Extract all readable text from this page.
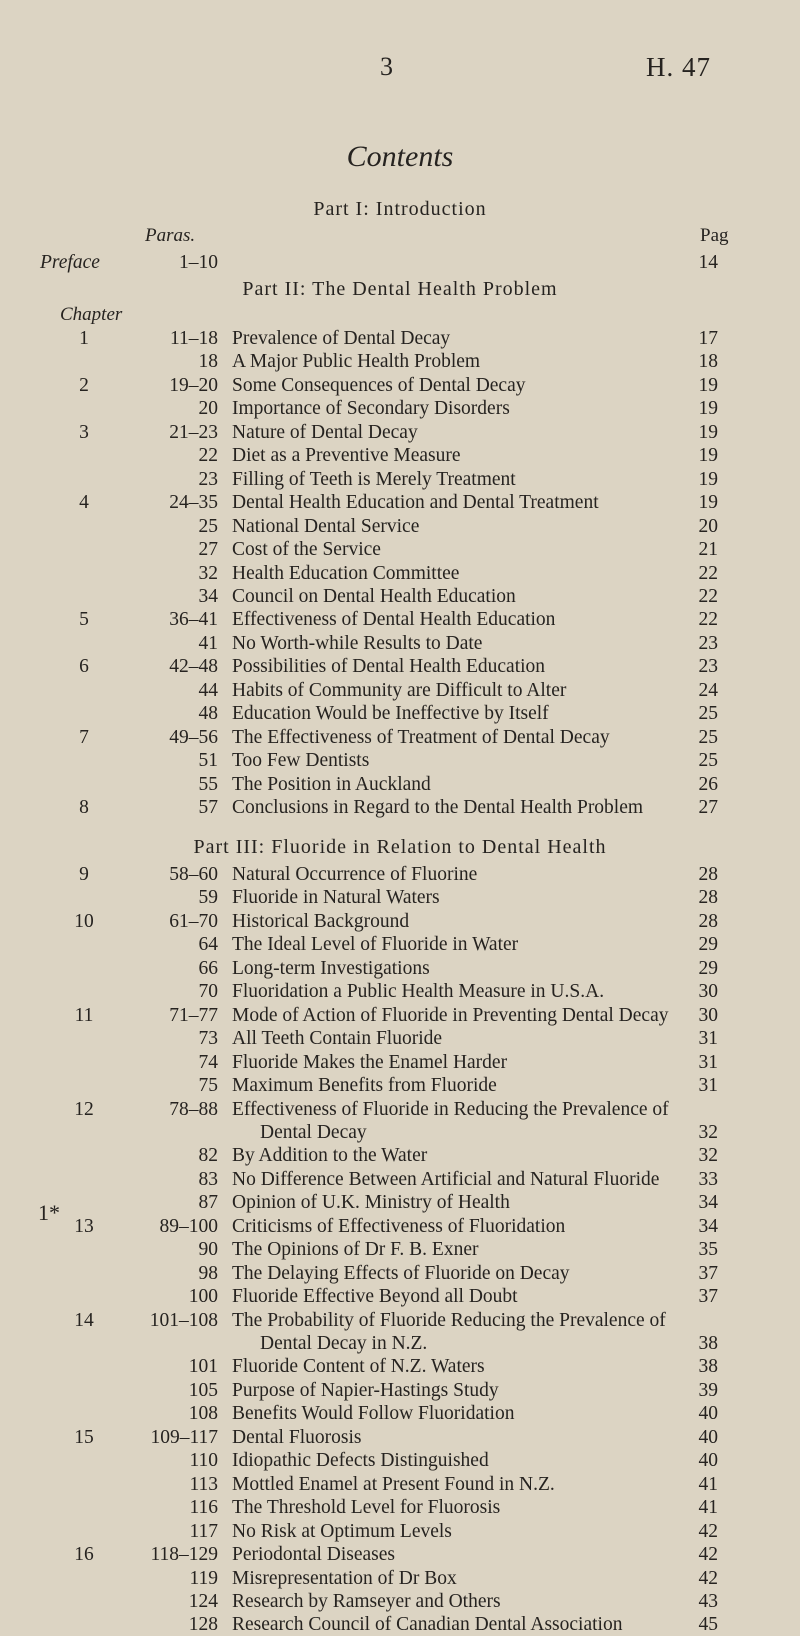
3	H. 47
Contents
Part I: Introduction
Paras.	Pag
Preface	1–10	14
Part II: The Dental Health Problem
Chapter
Part III: Fluoride in Relation to Dental Health
1*
1	11–18 Prevalence of Dental Decay	17
18 A Major Public Health Problem	18
2	19–20 Some Consequences of Dental Decay	19
20 Importance of Secondary Disorders	19
3	21–23 Nature of Dental Decay	19
22 Diet as a Preventive Measure	19
23 Filling of Teeth is Merely Treatment	19
4	24–35 Dental Health Education and Dental Treatment	19
25 National Dental Service	20
27 Cost of the Service	21
32 Health Education Committee	22
34 Council on Dental Health Education	22
5	36–41 Effectiveness of Dental Health Education	22
41 No Worth-while Results to Date	23
6	42–48 Possibilities of Dental Health Education	23
44 Habits of Community are Difficult to Alter	24
48 Education Would be Ineffective by Itself	25
7	49–56 The Effectiveness of Treatment of Dental Decay	25
51 Too Few Dentists	25
55 The Position in Auckland	26
8	57 Conclusions in Regard to the Dental Health Problem	27
9	58–60 Natural Occurrence of Fluorine	28
59 Fluoride in Natural Waters	28
10	61–70 Historical Background	28
64 The Ideal Level of Fluoride in Water	29
66 Long-term Investigations	29
70 Fluoridation a Public Health Measure in U.S.A.	30
11	71–77 Mode of Action of Fluoride in Preventing Dental Decay	30
73 All Teeth Contain Fluoride	31
74 Fluoride Makes the Enamel Harder	31
75 Maximum Benefits from Fluoride	31
12	78–88 Effectiveness of Fluoride in Reducing the Prevalence of
Dental Decay	32
82 By Addition to the Water	32
83 No Difference Between Artificial and Natural Fluoride	33
87 Opinion of U.K. Ministry of Health	34
13	89–100 Criticisms of Effectiveness of Fluoridation	34
90 The Opinions of Dr F. B. Exner	35
98 The Delaying Effects of Fluoride on Decay	37
100 Fluoride Effective Beyond all Doubt	37
14	101–108 The Probability of Fluoride Reducing the Prevalence of
Dental Decay in N.Z.	38
101 Fluoride Content of N.Z. Waters	38
105 Purpose of Napier-Hastings Study	39
108 Benefits Would Follow Fluoridation	40
15	109–117 Dental Fluorosis	40
110 Idiopathic Defects Distinguished	40
113 Mottled Enamel at Present Found in N.Z.	41
116 The Threshold Level for Fluorosis	41
117 No Risk at Optimum Levels	42
16	118–129 Periodontal Diseases	42
119 Misrepresentation of Dr Box	42
124 Research by Ramseyer and Others	43
128 Research Council of Canadian Dental Association	45
